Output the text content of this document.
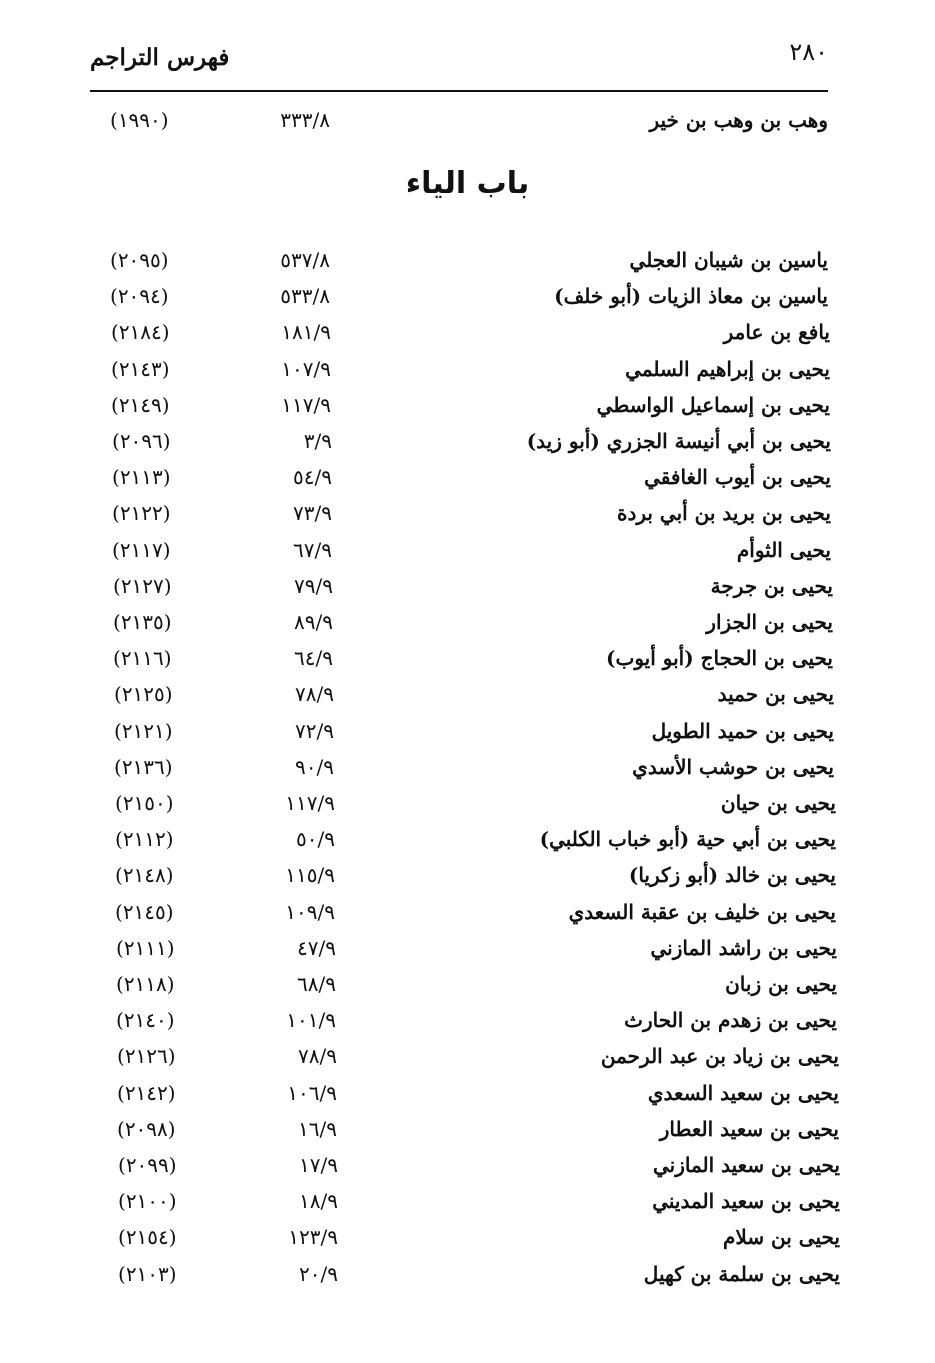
٢٨٠
فهرس التراجم
وهب بن وهب بن خير
٣٣٣/٨
(١٩٩٠)
باب الياء
ياسين بن شيبان العجلي
٥٣٧/٨
(٢٠٩٥)
ياسين بن معاذ الزيات (أبو خلف)
٥٣٣/٨
(٢٠٩٤)
يافع بن عامر
١٨١/٩
(٢١٨٤)
يحيى بن إبراهيم السلمي
١٠٧/٩
(٢١٤٣)
يحيى بن إسماعيل الواسطي
١١٧/٩
(٢١٤٩)
يحيى بن أبي أنيسة الجزري (أبو زيد)
٣/٩
(٢٠٩٦)
يحيى بن أيوب الغافقي
٥٤/٩
(٢١١٣)
يحيى بن بريد بن أبي بردة
٧٣/٩
(٢١٢٢)
يحيى الثوأم
٦٧/٩
(٢١١٧)
يحيى بن جرجة
٧٩/٩
(٢١٢٧)
يحيى بن الجزار
٨٩/٩
(٢١٣٥)
يحيى بن الحجاج (أبو أيوب)
٦٤/٩
(٢١١٦)
يحيى بن حميد
٧٨/٩
(٢١٢٥)
يحيى بن حميد الطويل
٧٢/٩
(٢١٢١)
يحيى بن حوشب الأسدي
٩٠/٩
(٢١٣٦)
يحيى بن حيان
١١٧/٩
(٢١٥٠)
يحيى بن أبي حية (أبو خباب الكلبي)
٥٠/٩
(٢١١٢)
يحيى بن خالد (أبو زكريا)
١١٥/٩
(٢١٤٨)
يحيى بن خليف بن عقبة السعدي
١٠٩/٩
(٢١٤٥)
يحيى بن راشد المازني
٤٧/٩
(٢١١١)
يحيى بن زبان
٦٨/٩
(٢١١٨)
يحيى بن زهدم بن الحارث
١٠١/٩
(٢١٤٠)
يحيى بن زياد بن عبد الرحمن
٧٨/٩
(٢١٢٦)
يحيى بن سعيد السعدي
١٠٦/٩
(٢١٤٢)
يحيى بن سعيد العطار
١٦/٩
(٢٠٩٨)
يحيى بن سعيد المازني
١٧/٩
(٢٠٩٩)
يحيى بن سعيد المديني
١٨/٩
(٢١٠٠)
يحيى بن سلام
١٢٣/٩
(٢١٥٤)
يحيى بن سلمة بن كهيل
٢٠/٩
(٢١٠٣)
